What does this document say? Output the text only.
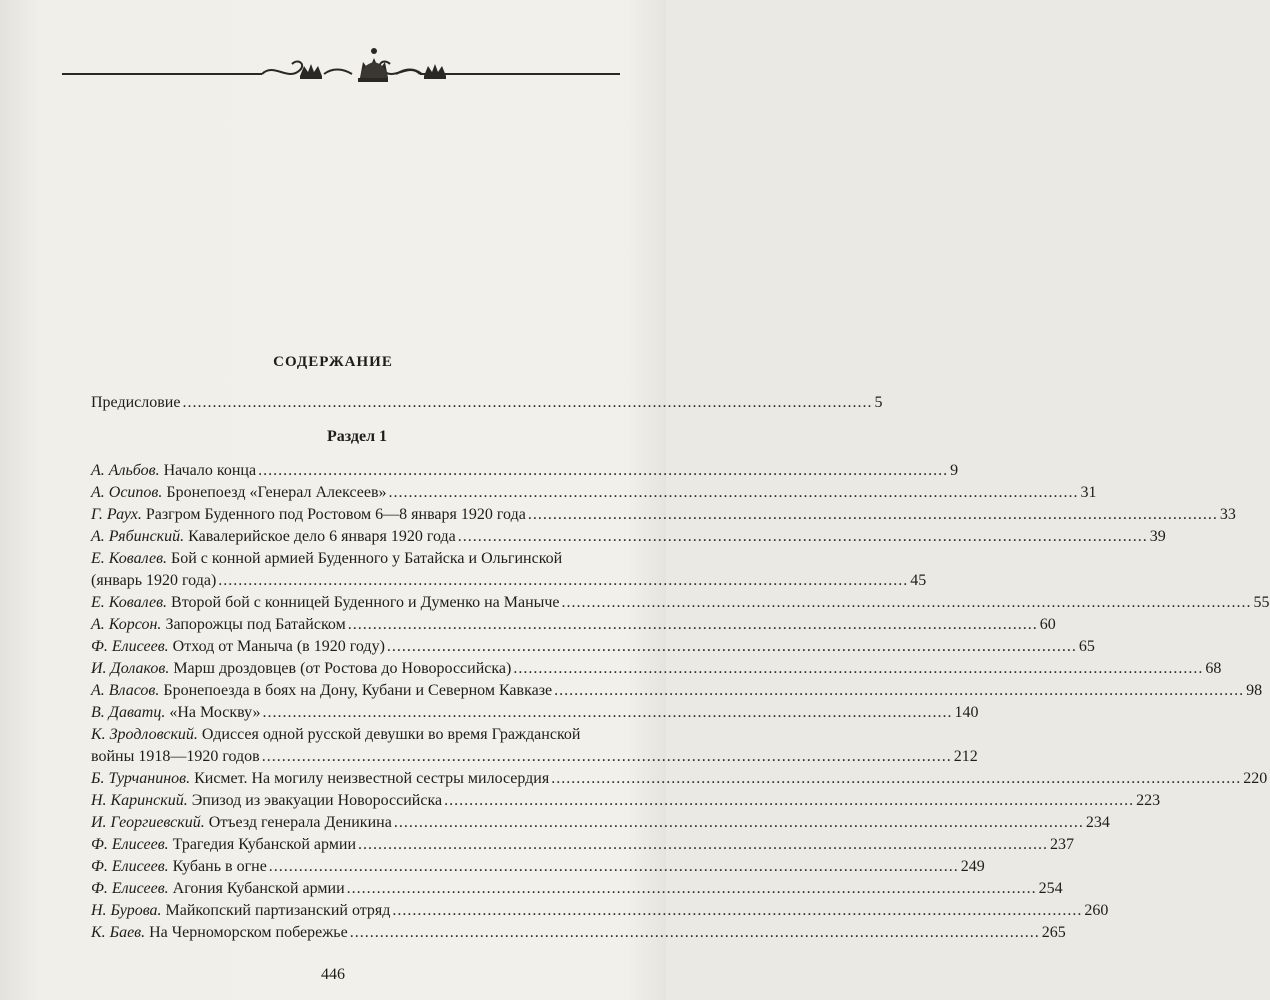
СОДЕРЖАНИЕ
Предисловие .......................................................................................................................................... 5
Раздел 1
А. Альбов. Начало конца .......................................................................................................................................... 9
А. Осипов. Бронепоезд «Генерал Алексеев» .......................................................................................................................................... 31
Г. Раух. Разгром Буденного под Ростовом 6—8 января 1920 года .......................................................................................................................................... 33
А. Рябинский. Кавалерийское дело 6 января 1920 года .......................................................................................................................................... 39
Е. Ковалев. Бой с конной армией Буденного у Батайска и Ольгинской
(январь 1920 года) .......................................................................................................................................... 45
Е. Ковалев. Второй бой с конницей Буденного и Думенко на Маныче .......................................................................................................................................... 55
А. Корсон. Запорожцы под Батайском .......................................................................................................................................... 60
Ф. Елисеев. Отход от Маныча (в 1920 году) .......................................................................................................................................... 65
И. Долаков. Марш дроздовцев (от Ростова до Новороссийска) .......................................................................................................................................... 68
А. Власов. Бронепоезда в боях на Дону, Кубани и Северном Кавказе .......................................................................................................................................... 98
В. Даватц. «На Москву» .......................................................................................................................................... 140
К. Зродловский. Одиссея одной русской девушки во время Гражданской
войны 1918—1920 годов .......................................................................................................................................... 212
Б. Турчанинов. Кисмет. На могилу неизвестной сестры милосердия .......................................................................................................................................... 220
Н. Каринский. Эпизод из эвакуации Новороссийска .......................................................................................................................................... 223
И. Георгиевский. Отъезд генерала Деникина .......................................................................................................................................... 234
Ф. Елисеев. Трагедия Кубанской армии .......................................................................................................................................... 237
Ф. Елисеев. Кубань в огне .......................................................................................................................................... 249
Ф. Елисеев. Агония Кубанской армии .......................................................................................................................................... 254
Н. Бурова. Майкопский партизанский отряд .......................................................................................................................................... 260
К. Баев. На Черноморском побережье .......................................................................................................................................... 265
446
